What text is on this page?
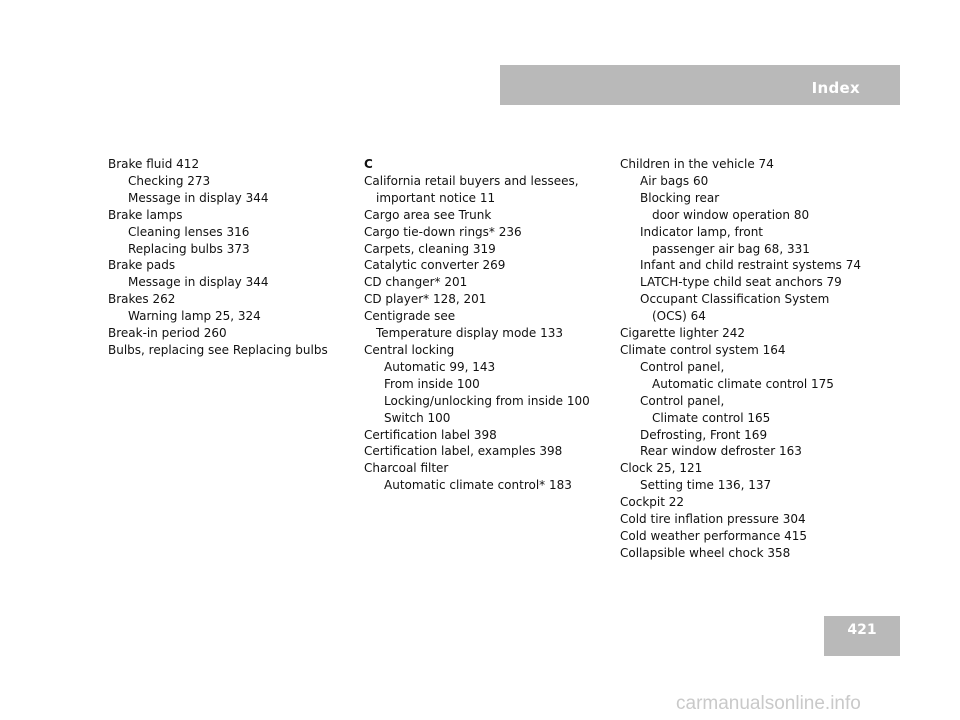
Index
Brake fluid 412
Checking 273
Message in display 344
Brake lamps
Cleaning lenses 316
Replacing bulbs 373
Brake pads
Message in display 344
Brakes 262
Warning lamp 25, 324
Break-in period 260
Bulbs, replacing see Replacing bulbs
C
California retail buyers and lessees,
important notice 11
Cargo area see Trunk
Cargo tie-down rings* 236
Carpets, cleaning 319
Catalytic converter 269
CD changer* 201
CD player* 128, 201
Centigrade see
Temperature display mode 133
Central locking
Automatic 99, 143
From inside 100
Locking/unlocking from inside 100
Switch 100
Certification label 398
Certification label, examples 398
Charcoal filter
Automatic climate control* 183
Children in the vehicle 74
Air bags 60
Blocking rear
door window operation 80
Indicator lamp, front
passenger air bag 68, 331
Infant and child restraint systems 74
LATCH-type child seat anchors 79
Occupant Classification System
(OCS) 64
Cigarette lighter 242
Climate control system 164
Control panel,
Automatic climate control 175
Control panel,
Climate control 165
Defrosting, Front 169
Rear window defroster 163
Clock 25, 121
Setting time 136, 137
Cockpit 22
Cold tire inflation pressure 304
Cold weather performance 415
Collapsible wheel chock 358
421
carmanualsonline.info
